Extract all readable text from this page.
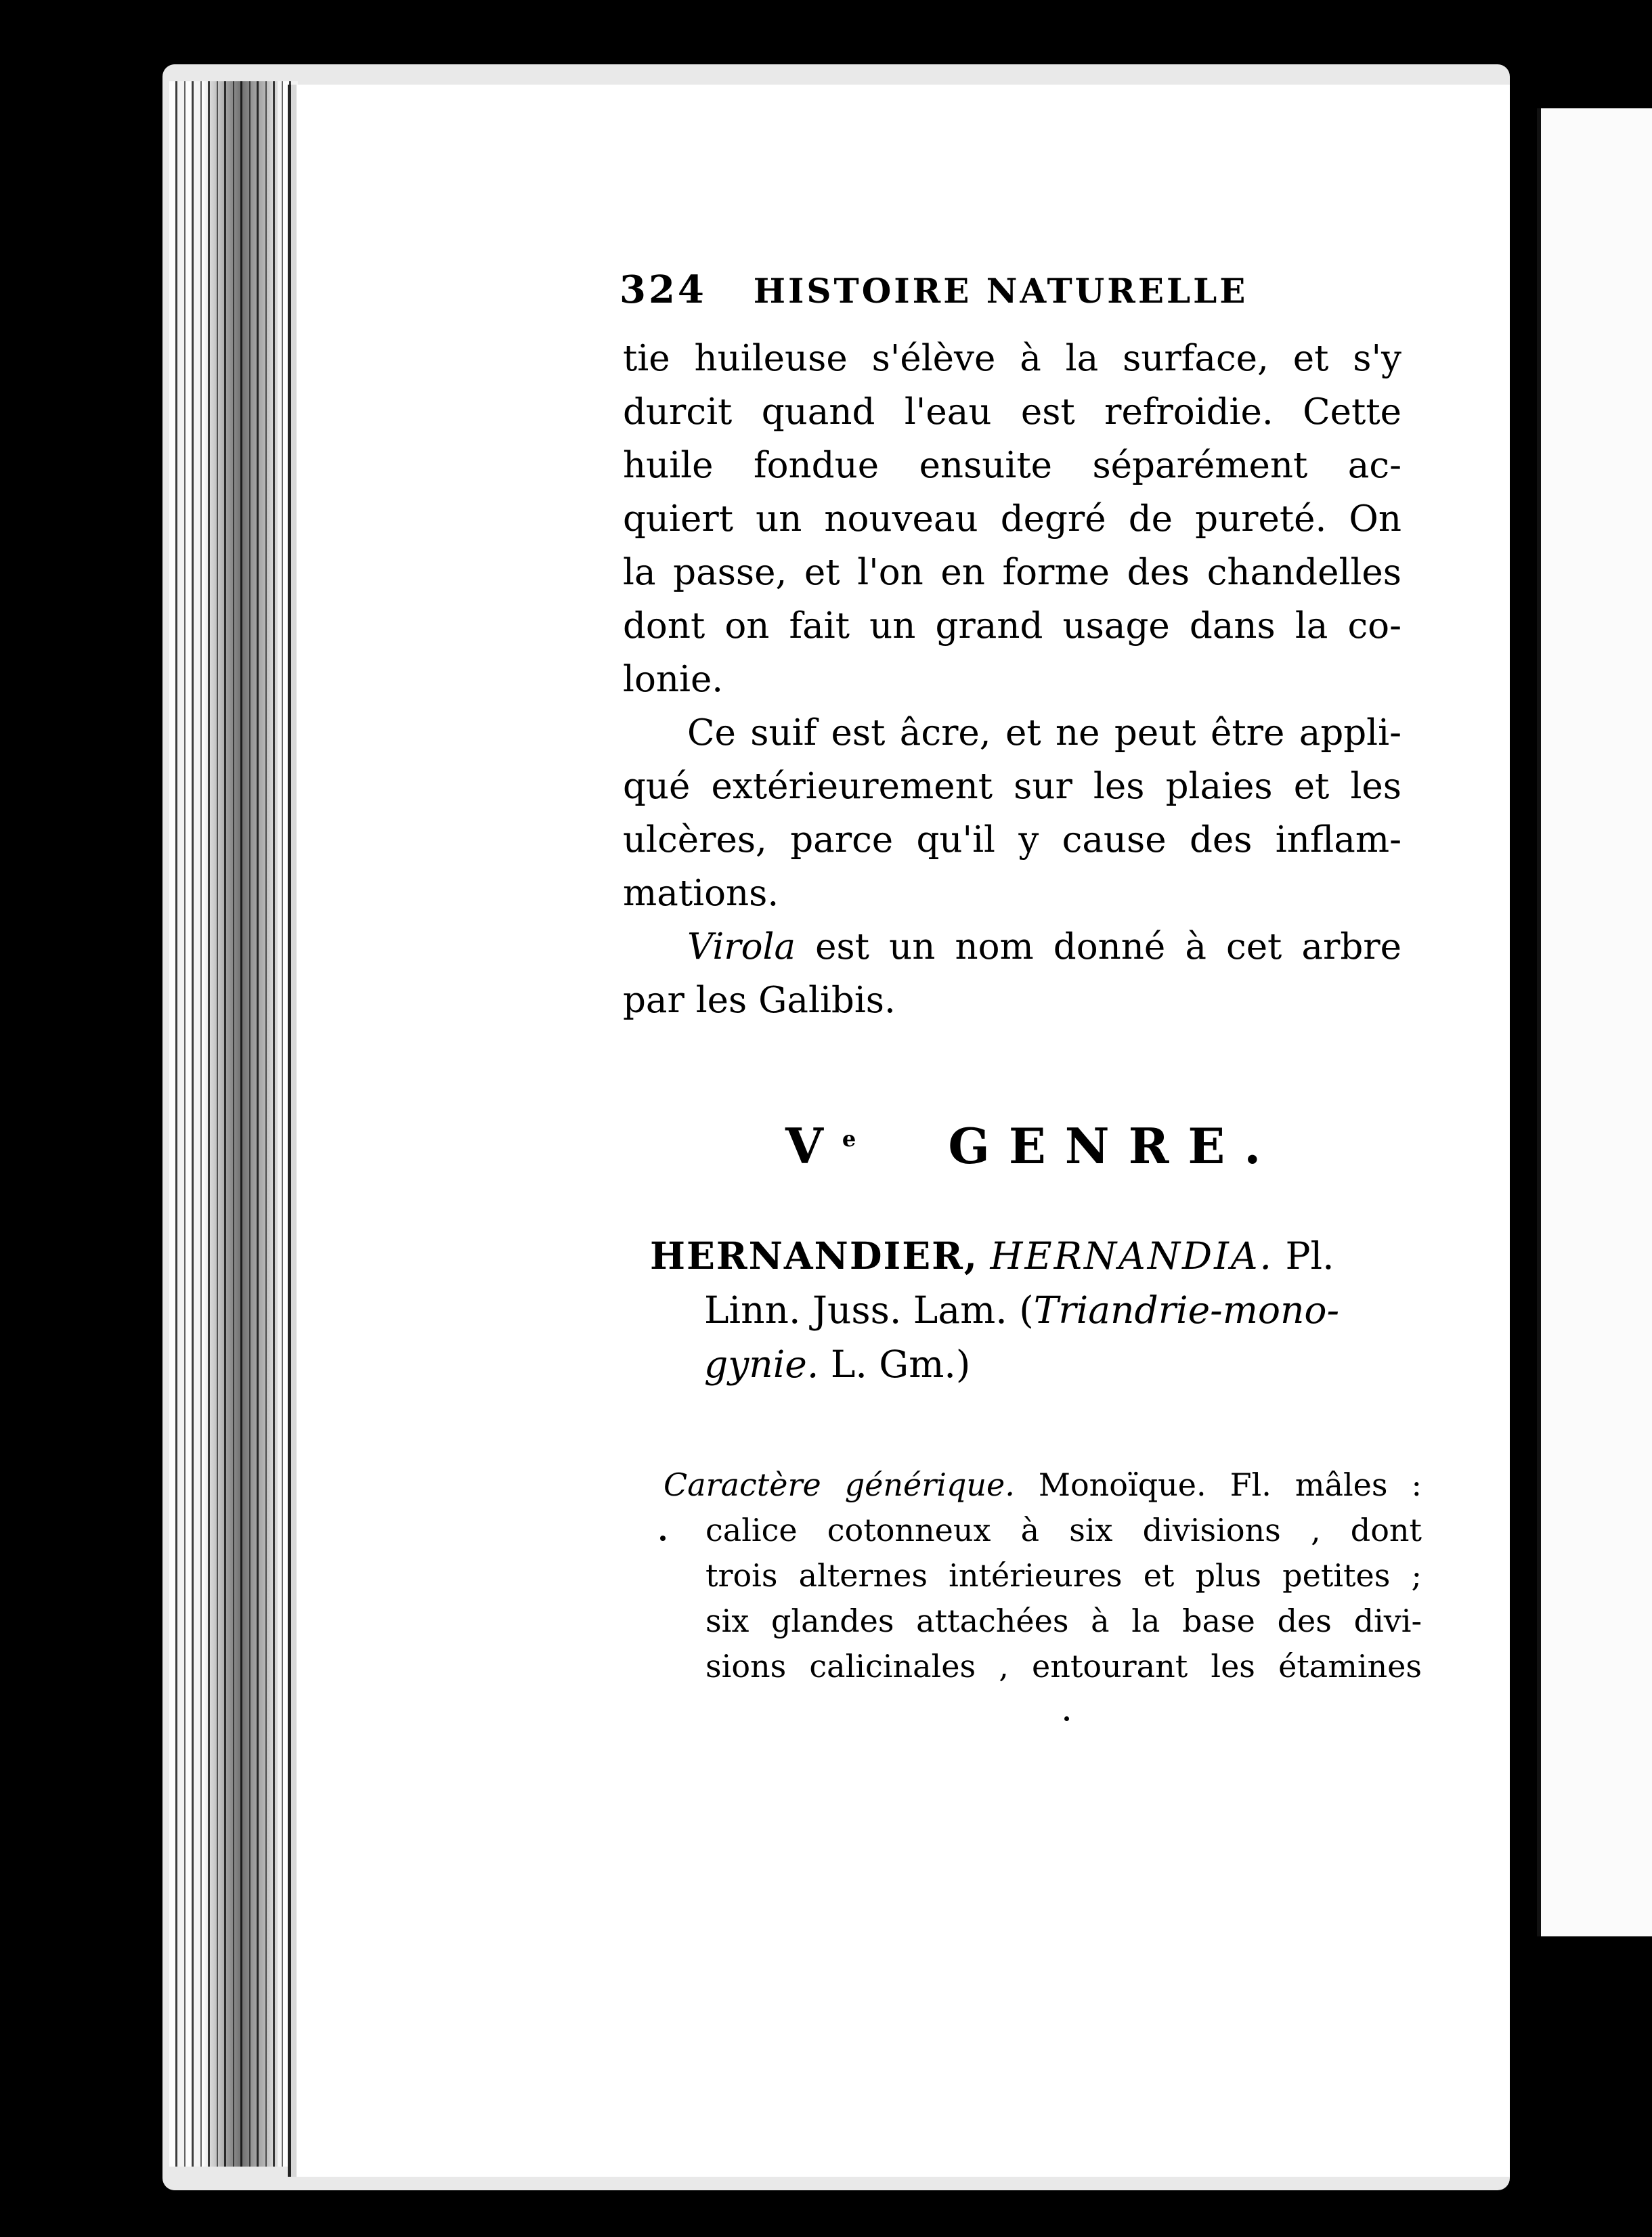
324 HISTOIRE NATURELLE
tie huileuse s'élève à la surface, et s'y
durcit quand l'eau est refroidie. Cette
huile fondue ensuite séparément ac-
quiert un nouveau degré de pureté. On
la passe, et l'on en forme des chandelles
dont on fait un grand usage dans la co-
lonie.
Ce suif est âcre, et ne peut être appli-
qué extérieurement sur les plaies et les
ulcères, parce qu'il y cause des inflam-
mations.
Virola est un nom donné à cet arbre
par les Galibis.
Ve GENRE.
HERNANDIER, HERNANDIA. Pl.
Linn. Juss. Lam. (Triandrie-mono-
gynie. L. Gm.)
Caractère générique. Monoïque. Fl. mâles :
calice cotonneux à six divisions , dont
trois alternes intérieures et plus petites ;
six glandes attachées à la base des divi-
sions calicinales , entourant les étamines
